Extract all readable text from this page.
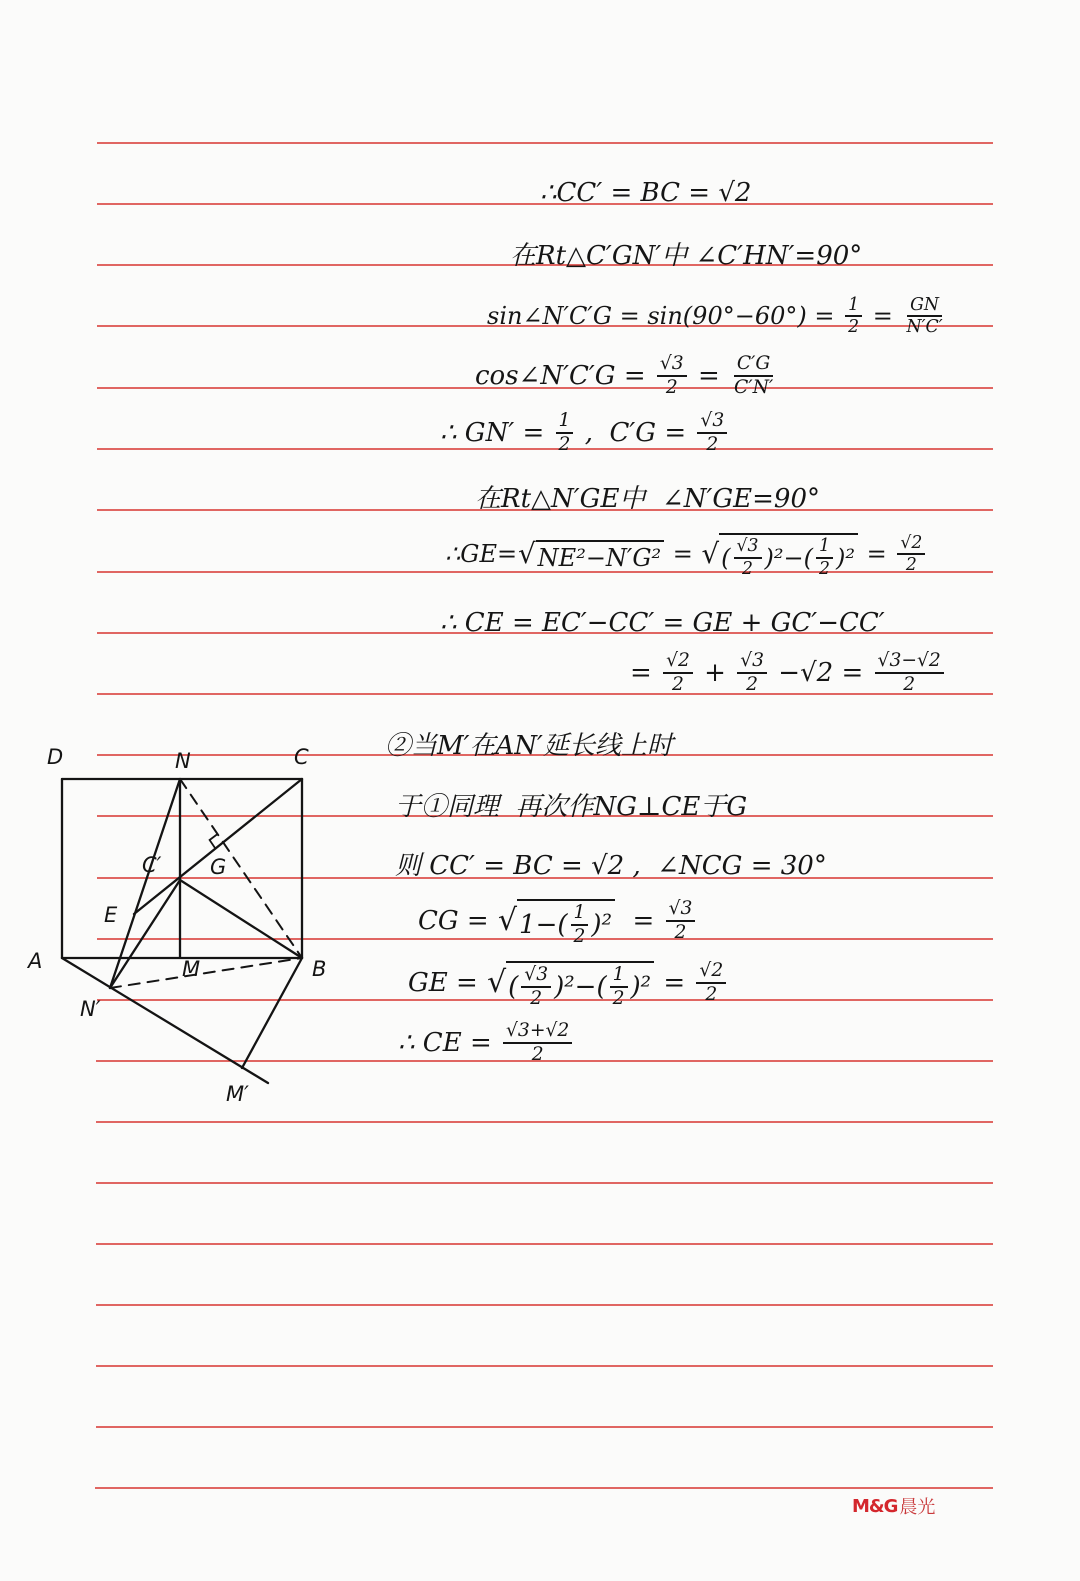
D	N	C
C′ G
E
A	M	B
N′
M′
∴CC′ = BC = √2
在Rt△C′GN′中 ∠C′HN′=90°
sin∠N′C′G = $\sin(90^\circ-60^\circ) = \frac{1}{2} = \frac{GN}{N'C'}$
cos∠N′C′G = $\frac{√3}{2} = \frac{C'G}{C'N'}$
∴ $GN' = \frac{1}{2}$ ,  $C'G = \frac{√3}{2}$
在Rt△N′GE中  ∠N′GE=90°
∴GE= √ NE²−N′G² = √ ( $\frac{√3}{2} )^2-( \frac{1}{2} )^2 = \frac{√2}{2}$
∴ CE = EC′−CC′ = GE + GC′−CC′
= $\frac{√2}{2} + \frac{√3}{2} -√2 = \frac{√3-√2}{2}$
②当M′在AN′延长线上时
于①同理  再次作NG⊥CE于G
则 CC′ = BC = √2 ,  ∠NCG = 30°
CG = √ $1-( \frac{1}{2} )^2 = \frac{√3}{2}$
GE = √ ( $\frac{√3}{2} )^2-( \frac{1}{2} )^2 = \frac{√2}{2}$
∴ CE = $\frac{√3+√2}{2}$
M&G 晨光
